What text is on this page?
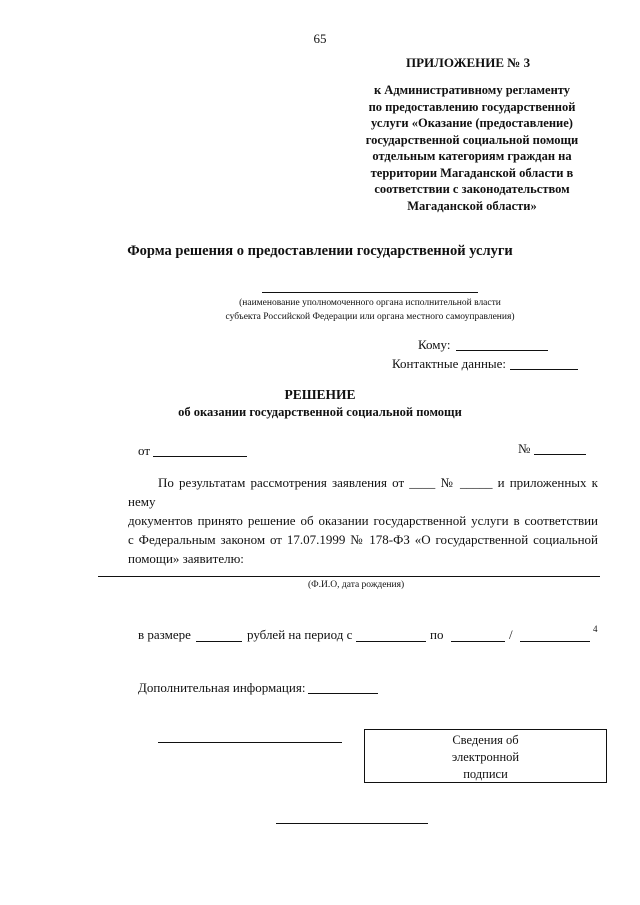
65
ПРИЛОЖЕНИЕ № 3
к Административному регламенту
по предоставлению государственной
услуги «Оказание (предоставление)
государственной социальной помощи
отдельным категориям граждан на
территории Магаданской области в
соответствии с законодательством
Магаданской области»
Форма решения о предоставлении государственной услуги
(наименование уполномоченного органа исполнительной власти
субъекта Российской Федерации или органа местного самоуправления)
Кому:
Контактные данные:
РЕШЕНИЕ
об оказании государственной социальной помощи
от	№

По результатам рассмотрения заявления от ____ № _____ и приложенных к нему

документов принято решение об оказании государственной услуги в соответствии
с Федеральным законом от 17.07.1999 № 178-ФЗ «О государственной социальной
помощи» заявителю:
(Ф.И.О, дата рождения)
в размере	рублей на период с	по	/	4
Дополнительная информация:
Сведения об
электронной
подписи
